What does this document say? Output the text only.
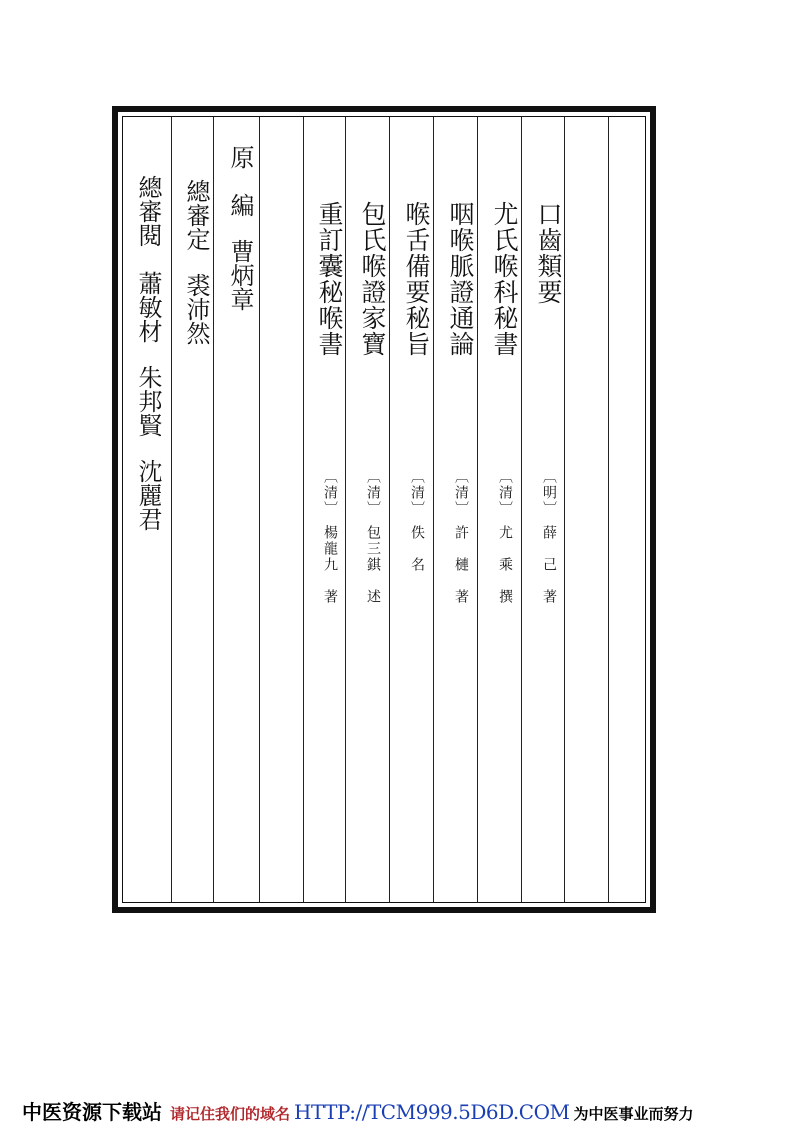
總審閱
蕭敏材
朱邦賢
沈麗君
總審定
裘沛然
原　編
曹炳章 重訂囊秘喉書
〔清〕
楊龍九　著
包氏喉證家寶
〔清〕
包三錤　述
喉舌備要秘旨
〔清〕
佚　名
咽喉脈證通論
〔清〕
許　槤　著
尤氏喉科秘書
〔清〕
尤　乘　撰
口齒類要
〔明〕
薛　己　著
中医资源下载站 请记住我们的域名 HTTP://TCM999.5D6D.COM 为中医事业而努力
